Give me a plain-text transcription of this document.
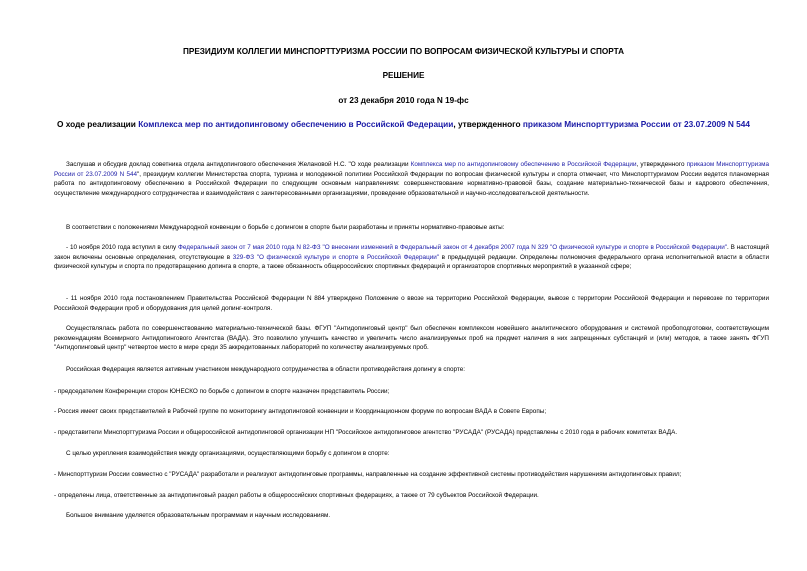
ПРЕЗИДИУМ КОЛЛЕГИИ МИНСПОРТТУРИЗМА РОССИИ ПО ВОПРОСАМ ФИЗИЧЕСКОЙ КУЛЬТУРЫ И СПОРТА
РЕШЕНИЕ
от 23 декабря 2010 года N 19-фс
О ходе реализации Комплекса мер по антидопинговому обеспечению в Российской Федерации, утвержденного приказом Минспорттуризма России от 23.07.2009 N 544
Заслушав и обсудив доклад советника отдела антидопингового обеспечения Желановой Н.С. "О ходе реализации Комплекса мер по антидопинговому обеспечению в Российской Федерации, утвержденного приказом Минспорттуризма России от 23.07.2009 N 544", президиум коллегии Министерства спорта, туризма и молодежной политики Российской Федерации по вопросам физической культуры и спорта отмечает, что Минспорттуризмом России ведется планомерная работа по антидопинговому обеспечению в Российской Федерации по следующим основным направлениям: совершенствование нормативно-правовой базы, создание материально-технической базы и кадрового обеспечения, осуществление международного сотрудничества и взаимодействия с заинтересованными организациями, проведение образовательной и научно-исследовательской деятельности.
В соответствии с положениями Международной конвенции о борьбе с допингом в спорте были разработаны и приняты нормативно-правовые акты:
- 10 ноября 2010 года вступил в силу Федеральный закон от 7 мая 2010 года N 82-ФЗ "О внесении изменений в Федеральный закон от 4 декабря 2007 года N 329 "О физической культуре и спорте в Российской Федерации". В настоящий закон включены основные определения, отсутствующие в 329-ФЗ "О физической культуре и спорте в Российской Федерации" в предыдущей редакции. Определены полномочия федерального органа исполнительной власти в области физической культуры и спорта по предотвращению допинга в спорте, а также обязанность общероссийских спортивных федераций и организаторов спортивных мероприятий в указанной сфере;
- 11 ноября 2010 года постановлением Правительства Российской Федерации N 884 утверждено Положение о ввозе на территорию Российской Федерации, вывозе с территории Российской Федерации и перевозке по территории Российской Федерации проб и оборудования для целей допинг-контроля.
Осуществлялась работа по совершенствованию материально-технической базы. ФГУП "Антидопинговый центр" был обеспечен комплексом новейшего аналитического оборудования и системой пробоподготовки, соответствующим рекомендациям Всемирного Антидопингового Агентства (ВАДА). Это позволило улучшить качество и увеличить число анализируемых проб на предмет наличия в них запрещенных субстанций и (или) методов, а также занять ФГУП "Антидопинговый центр" четвертое место в мире среди 35 аккредитованных лабораторий по количеству анализируемых проб.
Российская Федерация является активным участником международного сотрудничества в области противодействия допингу в спорте:
- председателем Конференции сторон ЮНЕСКО по борьбе с допингом в спорте назначен представитель России;
- Россия имеет своих представителей в Рабочей группе по мониторингу антидопинговой конвенции и Координационном форуме по вопросам ВАДА в Совете Европы;
- представители Минспорттуризма России и общероссийской антидопинговой организации НП "Российское антидопинговое агентство "РУСАДА" (РУСАДА) представлены с 2010 года в рабочих комитетах ВАДА.
С целью укрепления взаимодействия между организациями, осуществляющими борьбу с допингом в спорте:
- Минспорттуризм России совместно с "РУСАДА" разработали и реализуют антидопинговые программы, направленные на создание эффективной системы противодействия нарушениям антидопинговых правил;
- определены лица, ответственные за антидопинговый раздел работы в общероссийских спортивных федерациях, а также от 79 субъектов Российской Федерации.
Большое внимание уделяется образовательным программам и научным исследованиям.
